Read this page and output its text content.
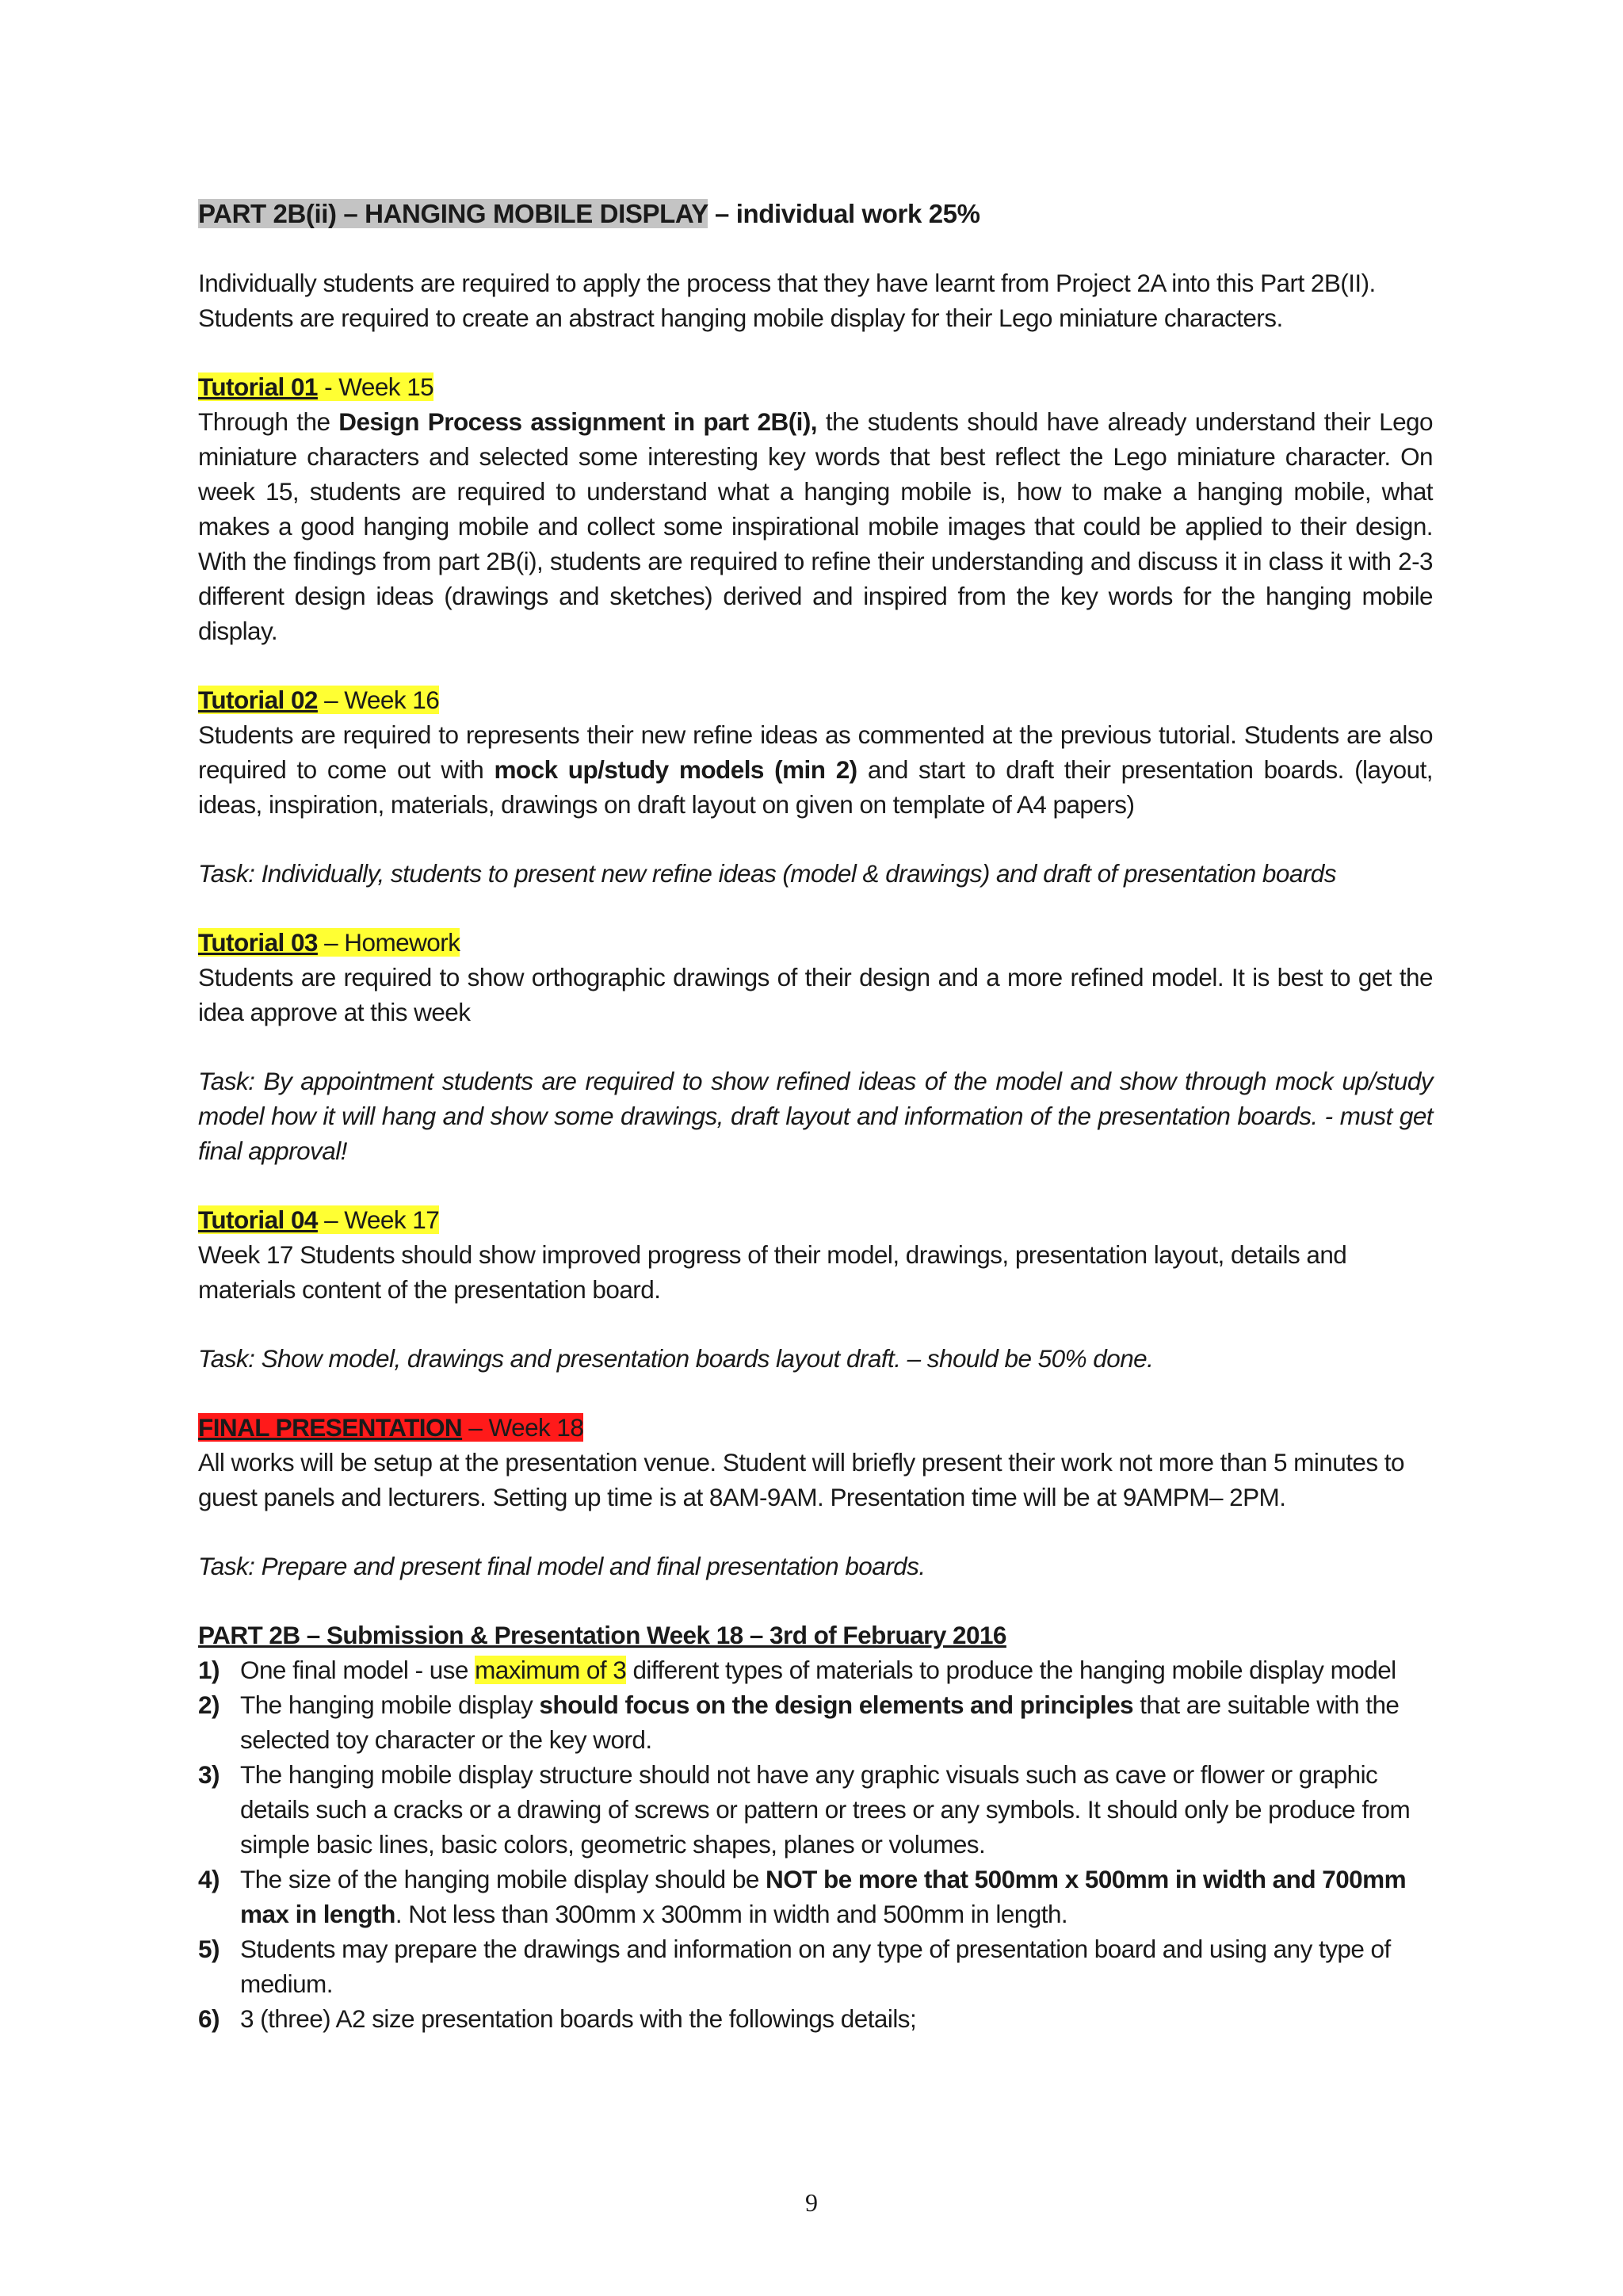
PART 2B(ii) – HANGING MOBILE DISPLAY – individual work 25%

Individually students are required to apply the process that they have learnt from Project 2A into this Part 2B(II). Students are required to create an abstract hanging mobile display for their Lego miniature characters.

Tutorial 01 - Week 15

Through the Design Process assignment in part 2B(i), the students should have already understand their Lego miniature characters and selected some interesting key words that best reflect the Lego miniature character. On week 15, students are required to understand what a hanging mobile is, how to make a hanging mobile, what makes a good hanging mobile and collect some inspirational mobile images that could be applied to their design. With the findings from part 2B(i), students are required to refine their understanding and discuss it in class it with 2-3 different design ideas (drawings and sketches) derived and inspired from the key words for the hanging mobile display.

Tutorial 02 – Week 16

Students are required to represents their new refine ideas as commented at the previous tutorial. Students are also required to come out with mock up/study models (min 2) and start to draft their presentation boards. (layout, ideas, inspiration, materials, drawings on draft layout on given on template of A4 papers)

Task: Individually, students to present new refine ideas (model & drawings) and draft of presentation boards

Tutorial 03 – Homework

Students are required to show orthographic drawings of their design and a more refined model. It is best to get the idea approve at this week

Task: By appointment students are required to show refined ideas of the model and show through mock up/study model how it will hang and show some drawings, draft layout and information of the presentation boards. - must get final approval!

Tutorial 04 – Week 17

Week 17 Students should show improved progress of their model, drawings, presentation layout, details and materials content of the presentation board.

Task: Show model, drawings and presentation boards layout draft. – should be 50% done.

FINAL PRESENTATION – Week 18

All works will be setup at the presentation venue. Student will briefly present their work not more than 5 minutes to guest panels and lecturers. Setting up time is at 8AM-9AM. Presentation time will be at 9AMPM– 2PM.

Task: Prepare and present final model and final presentation boards.

PART 2B – Submission & Presentation Week 18 – 3rd of February 2016

1) One final model - use maximum of 3 different types of materials to produce the hanging mobile display model
2) The hanging mobile display should focus on the design elements and principles that are suitable with the selected toy character or the key word.
3) The hanging mobile display structure should not have any graphic visuals such as cave or flower or graphic details such a cracks or a drawing of screws or pattern or trees or any symbols. It should only be produce from simple basic lines, basic colors, geometric shapes, planes or volumes.
4) The size of the hanging mobile display should be NOT be more that 500mm x 500mm in width and 700mm max in length. Not less than 300mm x 300mm in width and 500mm in length.
5) Students may prepare the drawings and information on any type of presentation board and using any type of medium.
6) 3 (three) A2 size presentation boards with the followings details;
9
